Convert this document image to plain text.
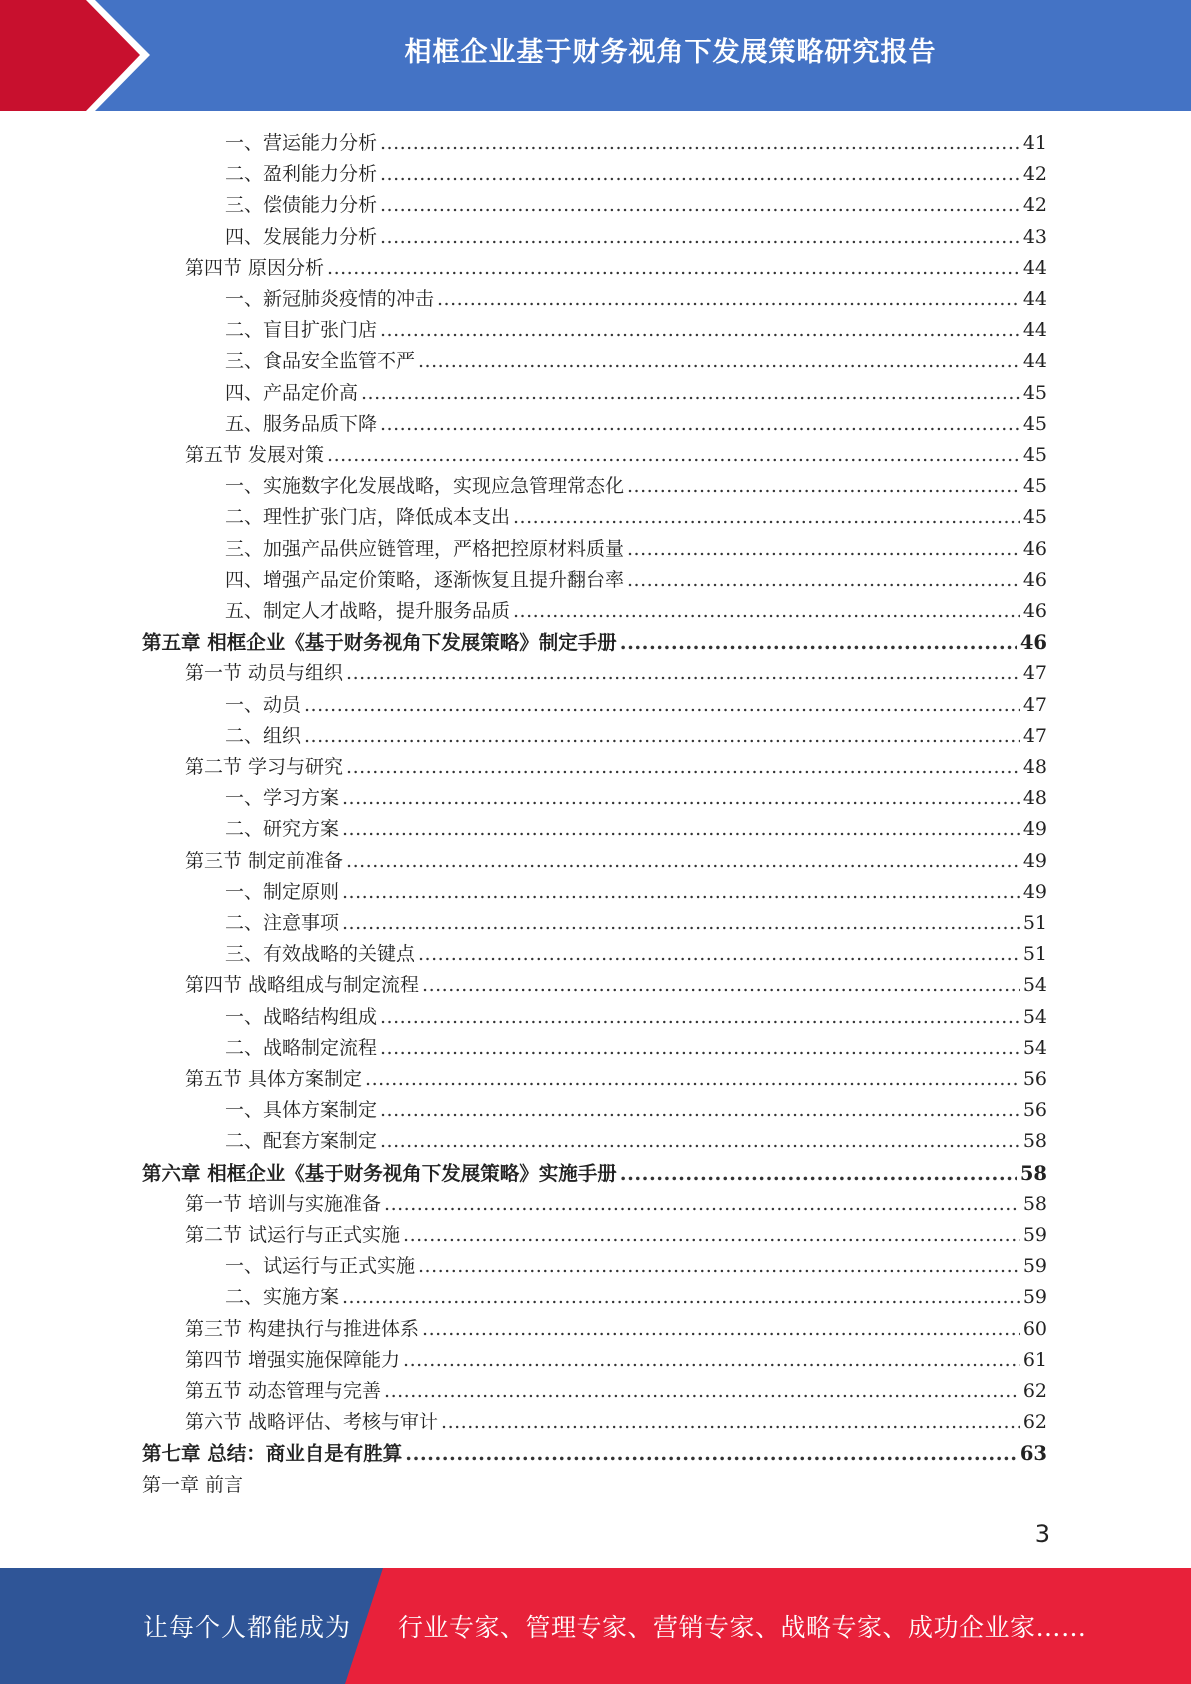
相框企业基于财务视角下发展策略研究报告
一、营运能力分析 .....	41
二、盈利能力分析 .....	42
三、偿债能力分析 .....	42
四、发展能力分析 .....	43
第四节 原因分析 .....	44
一、新冠肺炎疫情的冲击 .....	44
二、盲目扩张门店 .....	44
三、食品安全监管不严 .....	44
四、产品定价高 .....	45
五、服务品质下降 .....	45
第五节 发展对策 .....	45
一、实施数字化发展战略，实现应急管理常态化 .....	45
二、理性扩张门店，降低成本支出 .....	45
三、加强产品供应链管理，严格把控原材料质量 .....	46
四、增强产品定价策略，逐渐恢复且提升翻台率 .....	46
五、制定人才战略，提升服务品质 .....	46
第五章 相框企业《基于财务视角下发展策略》制定手册 .....	46
第一节 动员与组织 .....	47
一、动员 .....	47
二、组织 .....	47
第二节 学习与研究 .....	48
一、学习方案 .....	48
二、研究方案 .....	49
第三节 制定前准备 .....	49
一、制定原则 .....	49
二、注意事项 .....	51
三、有效战略的关键点 .....	51
第四节 战略组成与制定流程 .....	54
一、战略结构组成 .....	54
二、战略制定流程 .....	54
第五节 具体方案制定 .....	56
一、具体方案制定 .....	56
二、配套方案制定 .....	58
第六章 相框企业《基于财务视角下发展策略》实施手册 .....	58
第一节 培训与实施准备 .....	58
第二节 试运行与正式实施 .....	59
一、试运行与正式实施 .....	59
二、实施方案 .....	59
第三节 构建执行与推进体系 .....	60
第四节 增强实施保障能力 .....	61
第五节 动态管理与完善 .....	62
第六节 战略评估、考核与审计 .....	62
第七章 总结：商业自是有胜算 .....	63
第一章 前言
3
让每个人都能成为 行业专家、管理专家、营销专家、战略专家、成功企业家……
